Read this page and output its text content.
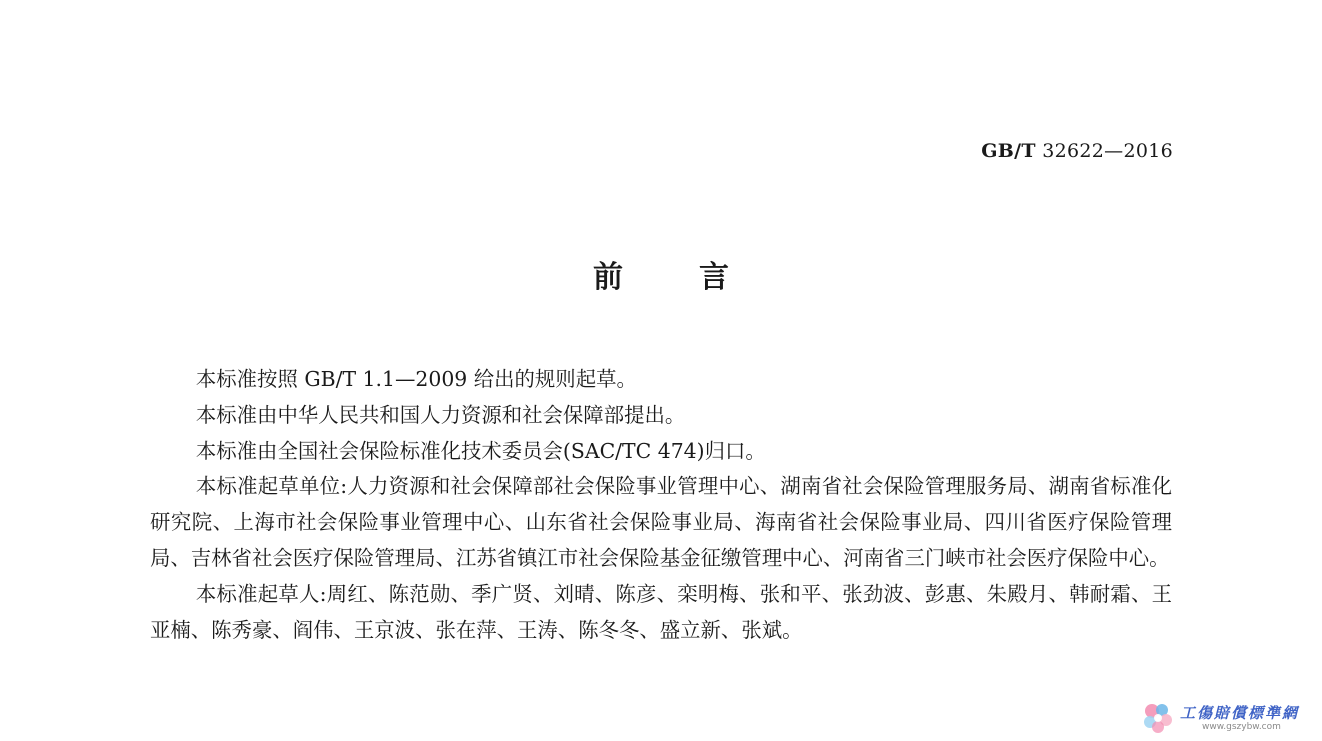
GB/T 32622—2016
前言

本标准按照 GB/T 1.1—2009 给出的规则起草。

本标准由中华人民共和国人力资源和社会保障部提出。

本标准由全国社会保险标准化技术委员会(SAC/TC 474)归口。

本标准起草单位:人力资源和社会保障部社会保险事业管理中心、湖南省社会保险管理服务局、湖南省标准化研究院、上海市社会保险事业管理中心、山东省社会保险事业局、海南省社会保险事业局、四川省医疗保险管理局、吉林省社会医疗保险管理局、江苏省镇江市社会保险基金征缴管理中心、河南省三门峡市社会医疗保险中心。

本标准起草人:周红、陈范勋、季广贤、刘晴、陈彦、栾明梅、张和平、张劲波、彭惠、朱殿月、韩耐霜、王亚楠、陈秀豪、阎伟、王京波、张在萍、王涛、陈冬冬、盛立新、张斌。

工傷賠償標準網
www.gszybw.com
